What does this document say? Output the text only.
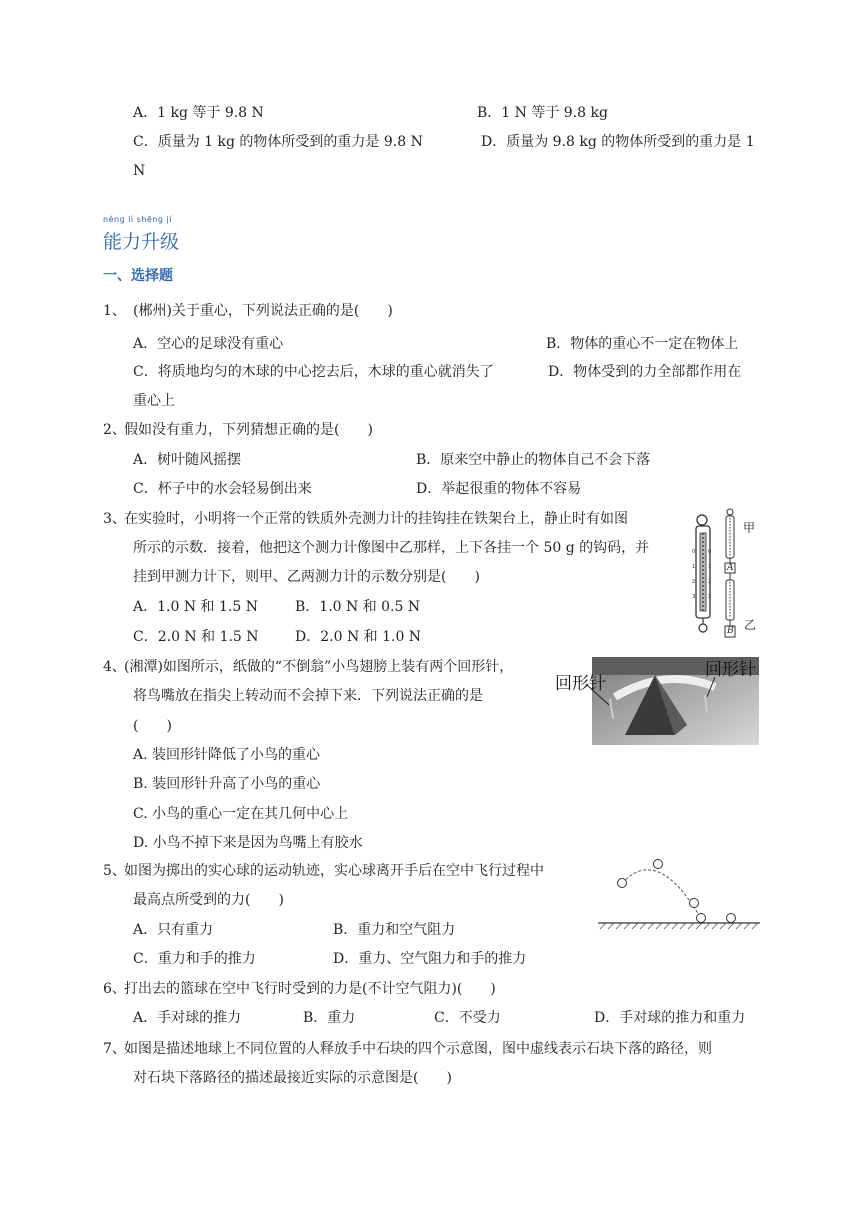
A．1 kg 等于 9.8 N	B．1 N 等于 9.8 kg
C．质量为 1 kg 的物体所受到的重力是 9.8 N	D．质量为 9.8 kg 的物体所受到的重力是 1
N
nénɡ lì shēnɡ jí
能力升级
一、选择题
1、 (郴州)关于重心，下列说法正确的是(　　)
A．空心的足球没有重心	B．物体的重心不一定在物体上
C．将质地均匀的木球的中心挖去后，木球的重心就消失了	D．物体受到的力全部都作用在
重心上
2、
假如没有重力，下列猜想正确的是(　　)
A．树叶随风摇摆	B．原来空中静止的物体自己不会下落
C．杯子中的水会轻易倒出来	D．举起很重的物体不容易
3、
在实验时，小明将一个正常的铁质外壳测力计的挂钩挂在铁架台上，静止时有如图
所示的示数．接着，他把这个测力计像图中乙那样，上下各挂一个 50 g 的钩码，并
挂到甲测力计下，则甲、乙两测力计的示数分别是(　　)
A．1.0 N 和 1.5 N	B．1.0 N 和 0.5 N
C．2.0 N 和 1.5 N	D．2.0 N 和 1.0 N
0
1
2
3
0
1
2
3
甲
乙
A
B
4、
(湘潭)如图所示，纸做的“不倒翁”小鸟翅膀上装有两个回形针，
将鸟嘴放在指尖上转动而不会掉下来．下列说法正确的是
(　　)
A. 装回形针降低了小鸟的重心
B. 装回形针升高了小鸟的重心
C. 小鸟的重心一定在其几何中心上
D. 小鸟不掉下来是因为鸟嘴上有胶水
回形针
回形针
5、
如图为掷出的实心球的运动轨迹，实心球离开手后在空中飞行过程中
最高点所受到的力(　　)
A．只有重力	B．重力和空气阻力
C．重力和手的推力	D．重力、空气阻力和手的推力
6、
打出去的篮球在空中飞行时受到的力是(不计空气阻力)(　　)
A．手对球的推力	B．重力	C．不受力	D．手对球的推力和重力
7、
如图是描述地球上不同位置的人释放手中石块的四个示意图，图中虚线表示石块下落的路径，则
对石块下落路径的描述最接近实际的示意图是(　　)
